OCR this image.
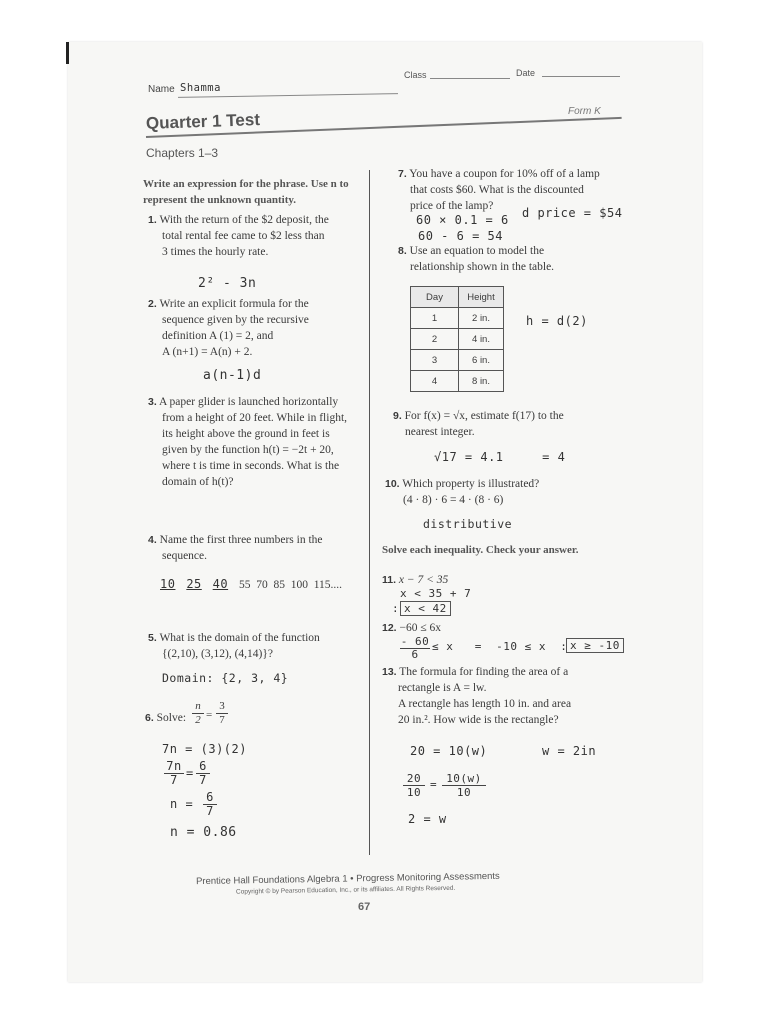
Name Shamma
Class	Date
Form K
Quarter 1 Test
Chapters 1–3
Write an expression for the phrase. Use n to represent the unknown quantity.
1. With the return of the $2 deposit, the
total rental fee came to $2 less than
3 times the hourly rate.
2² - 3n
2. Write an explicit formula for the
sequence given by the recursive
definition A (1) = 2, and
A (n+1) = A(n) + 2.
a(n-1)d
3. A paper glider is launched horizontally
from a height of 20 feet. While in flight,
its height above the ground in feet is
given by the function h(t) = −2t + 20,
where t is time in seconds. What is the
domain of h(t)?
4. Name the first three numbers in the
sequence.
10 25 40 55  70  85  100  115....
5. What is the domain of the function
{(2,10), (3,12), (4,14)}?
Domain: {2, 3, 4}
6. Solve: $\frac{n}{2} = \frac{3}{7}$
7n = (3)(2)
$\frac{7n}{7} = 6$
7
$n = \frac{6}{7}$
n = 0.86
7. You have a coupon for 10% off of a lamp
that costs $60. What is the discounted
price of the lamp?
60 × 0.1 = 6
60 - 6 = 54
d price = $54
8. Use an equation to model the
relationship shown in the table.
Day	Height
1	2 in.
2	4 in.
3	6 in.
4	8 in.
h = d(2)
9. For f(x) = √x, estimate f(17) to the
nearest integer.
√17 = 4.1     = 4
10. Which property is illustrated?
(4 · 8) · 6 = 4 · (8 · 6)
distributive
Solve each inequality. Check your answer.
11. x − 7 < 35
x < 35 + 7
: x < 42
12. −60 ≤ 6x
$\frac{- 60}{6} \le x = -10 \le x$  : x ≥ -10
13. The formula for finding the area of a
rectangle is A = lw.
A rectangle has length 10 in. and area
20 in.². How wide is the rectangle?
20 = 10(w)	w = 2in
20
10
= 10(w)
10
2 = w
Prentice Hall Foundations Algebra 1 • Progress Monitoring Assessments
Copyright © by Pearson Education, Inc., or its affiliates. All Rights Reserved.
67
